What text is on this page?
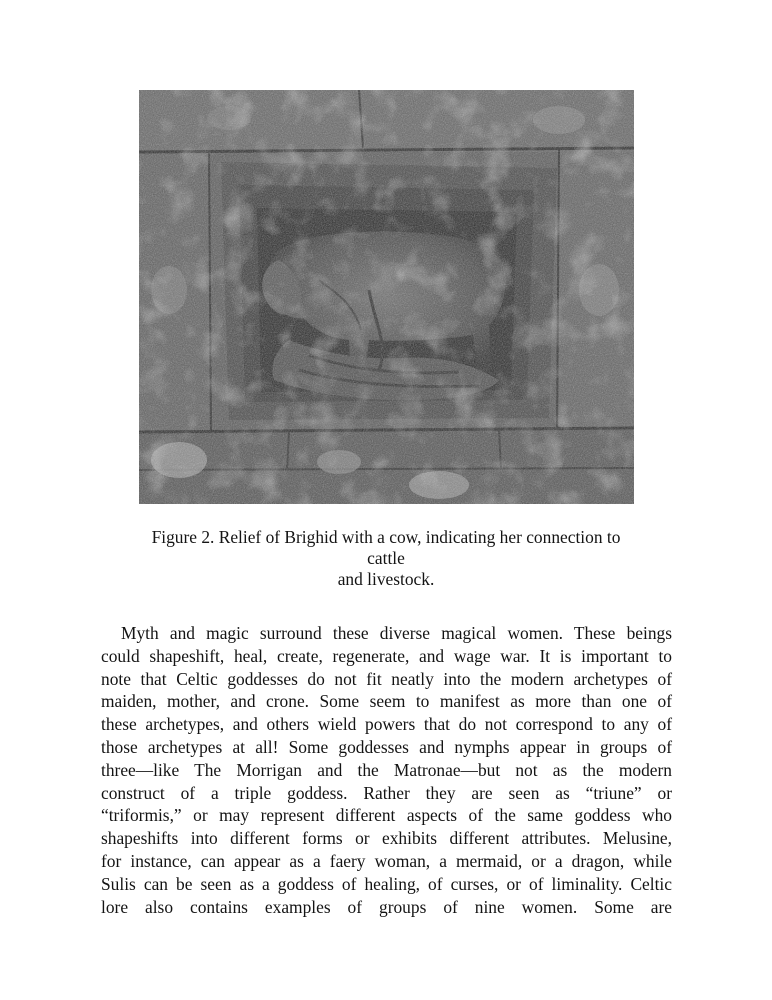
Figure 2. Relief of Brighid with a cow, indicating her connection to
cattle
and livestock.
Myth and magic surround these diverse magical women. These beings
could shapeshift, heal, create, regenerate, and wage war. It is important to
note that Celtic goddesses do not fit neatly into the modern archetypes of
maiden, mother, and crone. Some seem to manifest as more than one of
these archetypes, and others wield powers that do not correspond to any of
those archetypes at all! Some goddesses and nymphs appear in groups of
three—like The Morrigan and the Matronae—but not as the modern
construct of a triple goddess. Rather they are seen as “triune” or
“triformis,” or may represent different aspects of the same goddess who
shapeshifts into different forms or exhibits different attributes. Melusine,
for instance, can appear as a faery woman, a mermaid, or a dragon, while
Sulis can be seen as a goddess of healing, of curses, or of liminality. Celtic
lore also contains examples of groups of nine women. Some are
